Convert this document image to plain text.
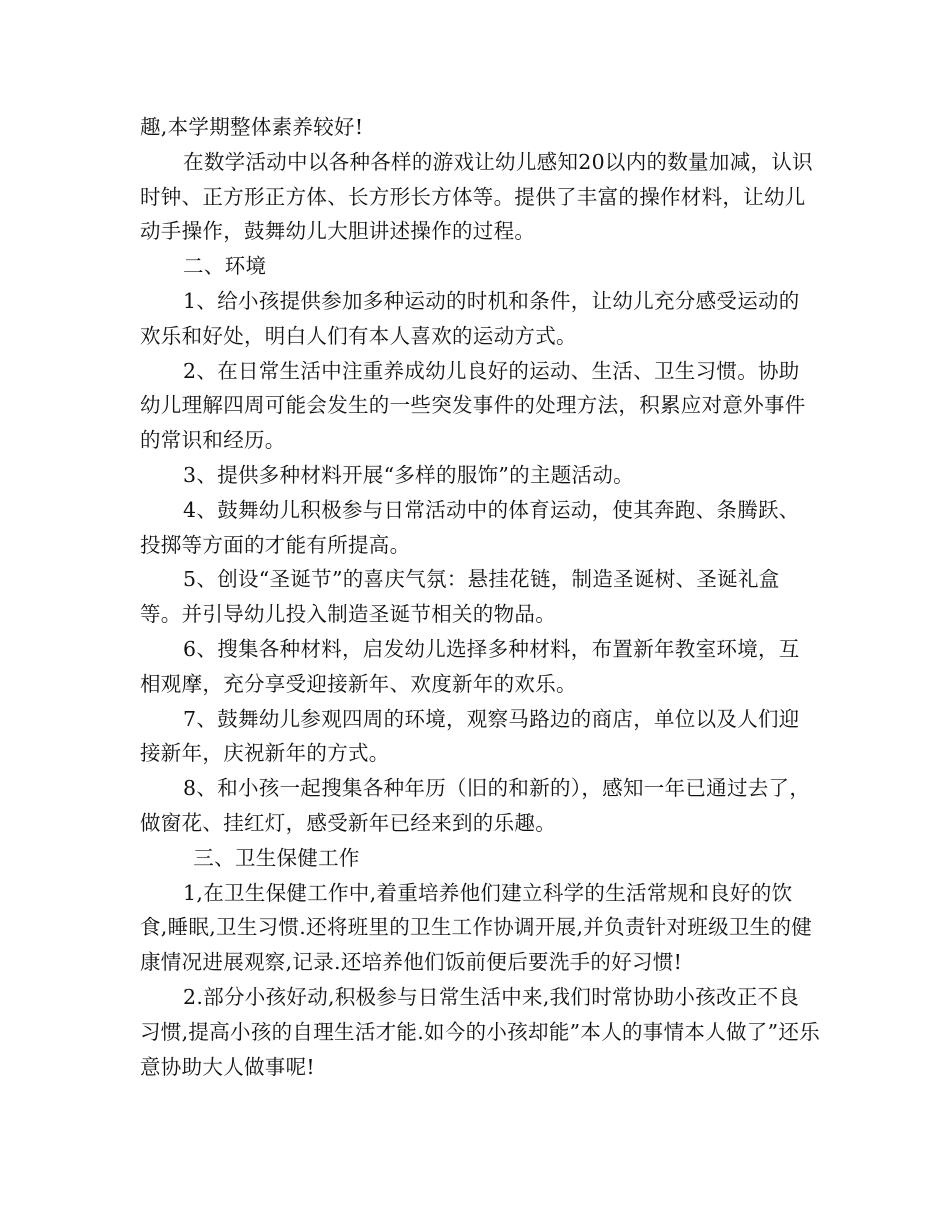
趣,本学期整体素养较好!

在数学活动中以各种各样的游戏让幼儿感知20以内的数量加减，认识时钟、正方形正方体、长方形长方体等。提供了丰富的操作材料，让幼儿动手操作，鼓舞幼儿大胆讲述操作的过程。

二、环境

1、给小孩提供参加多种运动的时机和条件，让幼儿充分感受运动的欢乐和好处，明白人们有本人喜欢的运动方式。

2、在日常生活中注重养成幼儿良好的运动、生活、卫生习惯。协助幼儿理解四周可能会发生的一些突发事件的处理方法，积累应对意外事件的常识和经历。

3、提供多种材料开展“多样的服饰”的主题活动。

4、鼓舞幼儿积极参与日常活动中的体育运动，使其奔跑、条腾跃、投掷等方面的才能有所提高。

5、创设“圣诞节”的喜庆气氛：悬挂花链，制造圣诞树、圣诞礼盒等。并引导幼儿投入制造圣诞节相关的物品。

6、搜集各种材料，启发幼儿选择多种材料，布置新年教室环境，互相观摩，充分享受迎接新年、欢度新年的欢乐。

7、鼓舞幼儿参观四周的环境，观察马路边的商店，单位以及人们迎接新年，庆祝新年的方式。

8、和小孩一起搜集各种年历（旧的和新的），感知一年已通过去了，做窗花、挂红灯，感受新年已经来到的乐趣。

三、卫生保健工作

1,在卫生保健工作中,着重培养他们建立科学的生活常规和良好的饮食,睡眠,卫生习惯.还将班里的卫生工作协调开展,并负责针对班级卫生的健康情况进展观察,记录.还培养他们饭前便后要洗手的好习惯!

2.部分小孩好动,积极参与日常生活中来,我们时常协助小孩改正不良习惯,提高小孩的自理生活才能.如今的小孩却能”本人的事情本人做了”还乐意协助大人做事呢!
